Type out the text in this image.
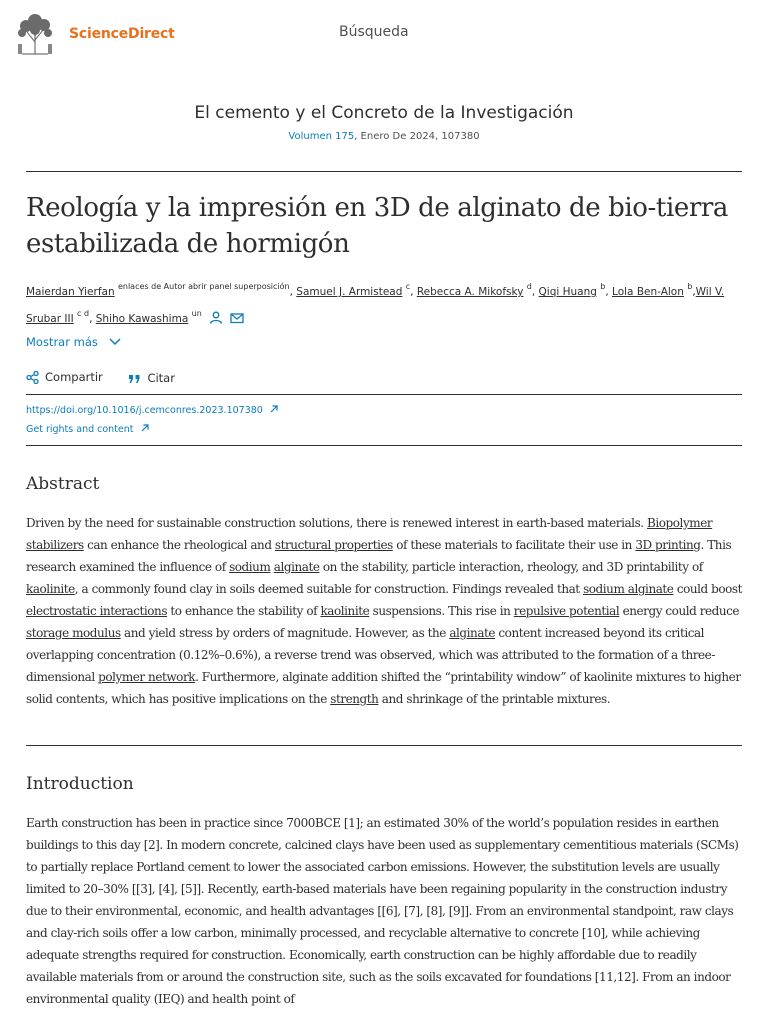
ScienceDirect	Búsqueda
El cemento y el Concreto de la Investigación
Volumen 175, Enero De 2024, 107380
Reología y la impresión en 3D de alginato de bio-tierra estabilizada de hormigón
Maierdan Yierfan $^{enlaces de Autor abrir panel superposición}$, Samuel J. Armistead $^c$, Rebecca A. Mikofsky $^d$, Qiqi Huang $^b$, Lola Ben-Alon $^b$,Wil V. Srubar III $^{c d}$, Shiho Kawashima $^{un}$
Mostrar más
Compartir
	Citar
https://doi.org/10.1016/j.cemconres.2023.107380
Get rights and content
Abstract
Driven by the need for sustainable construction solutions, there is renewed interest in earth-based materials. Biopolymer stabilizers can enhance the rheological and structural properties of these materials to facilitate their use in 3D printing. This research examined the influence of sodium alginate on the stability, particle interaction, rheology, and 3D printability of kaolinite, a commonly found clay in soils deemed suitable for construction. Findings revealed that sodium alginate could boost electrostatic interactions to enhance the stability of kaolinite suspensions. This rise in repulsive potential energy could reduce storage modulus and yield stress by orders of magnitude. However, as the alginate content increased beyond its critical overlapping concentration (0.12%–0.6%), a reverse trend was observed, which was attributed to the formation of a three-dimensional polymer network. Furthermore, alginate addition shifted the “printability window” of kaolinite mixtures to higher solid contents, which has positive implications on the strength and shrinkage of the printable mixtures.
Introduction
Earth construction has been in practice since 7000BCE [1]; an estimated 30% of the world’s population resides in earthen buildings to this day [2]. In modern concrete, calcined clays have been used as supplementary cementitious materials (SCMs) to partially replace Portland cement to lower the associated carbon emissions. However, the substitution levels are usually limited to 20–30% [[3], [4], [5]]. Recently, earth-based materials have been regaining popularity in the construction industry due to their environmental, economic, and health advantages [[6], [7], [8], [9]]. From an environmental standpoint, raw clays and clay-rich soils offer a low carbon, minimally processed, and recyclable alternative to concrete [10], while achieving adequate strengths required for construction. Economically, earth construction can be highly affordable due to readily available materials from or around the construction site, such as the soils excavated for foundations [11,12]. From an indoor environmental quality (IEQ) and health point of
